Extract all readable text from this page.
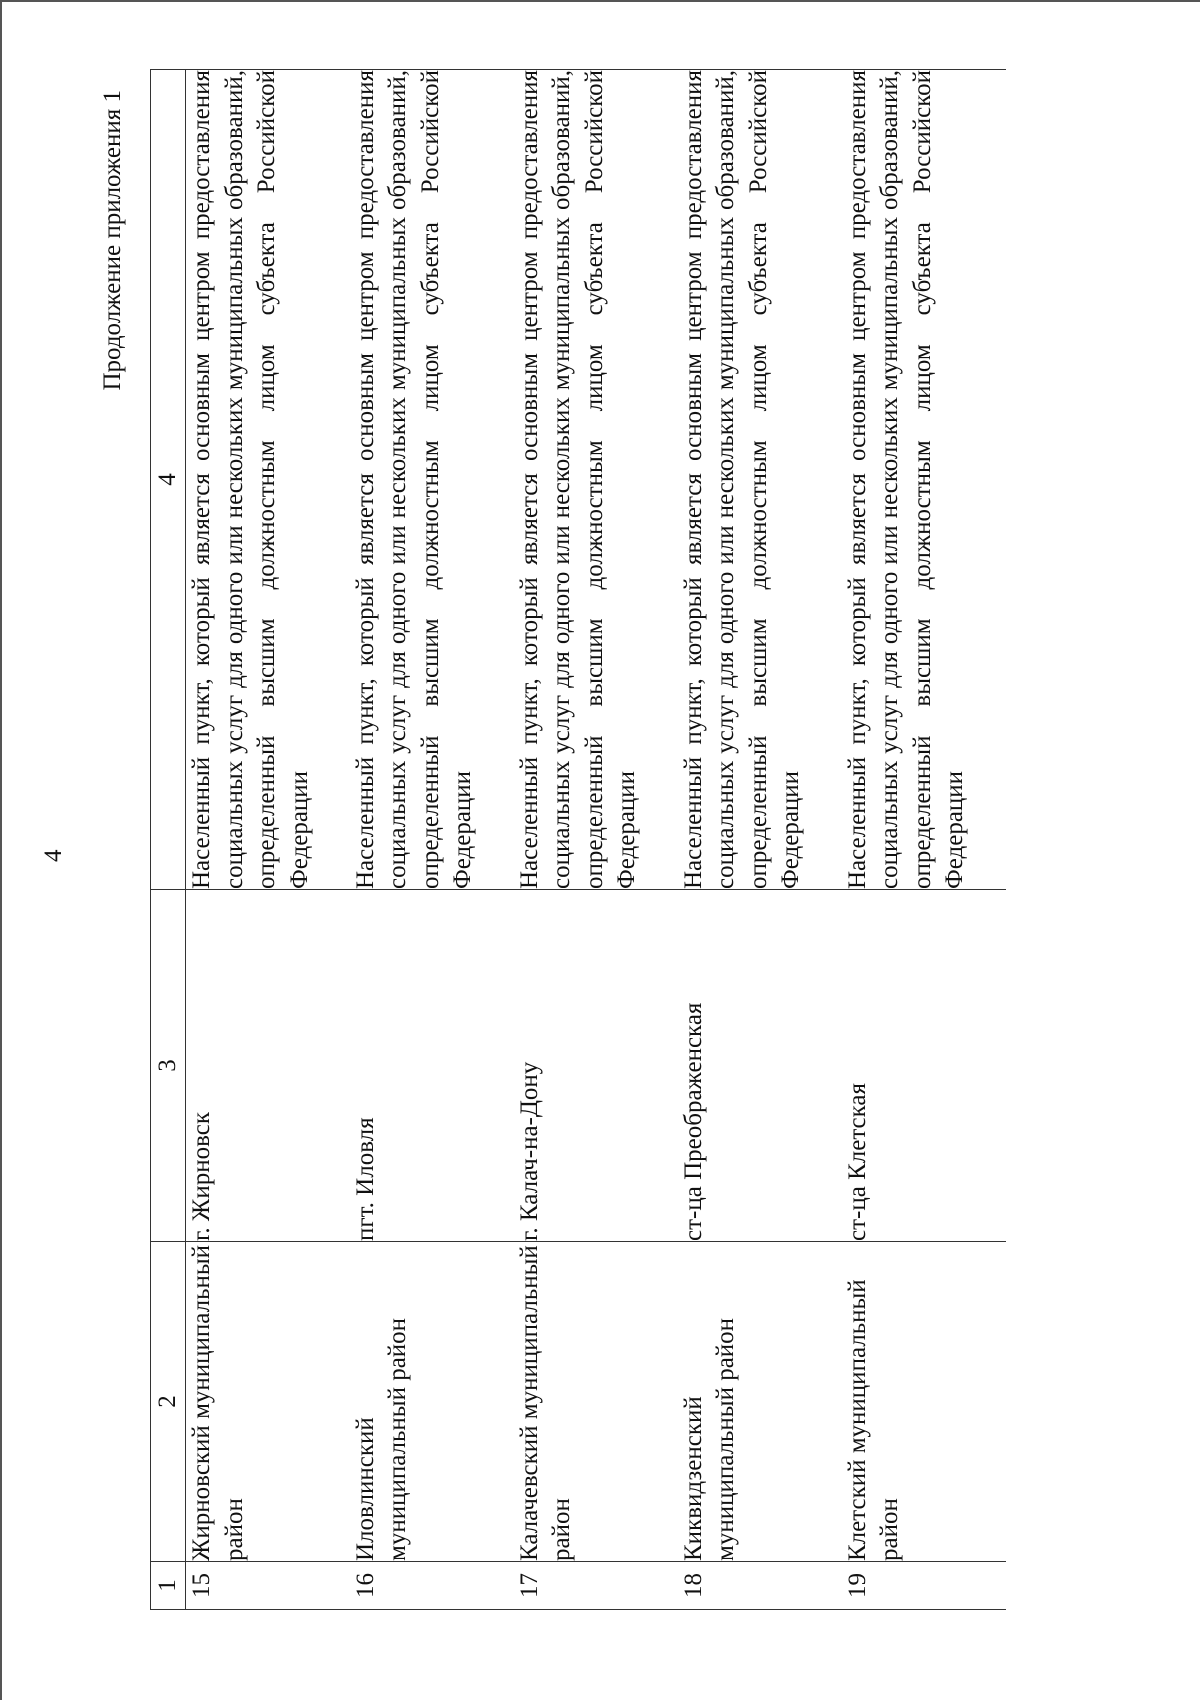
4
Продолжение приложения 1
1	2	3	4
15	Жирновский муниципальный район	г. Жирновск	Населенный пункт, который является основным центром предоставления социальных услуг для одного или нескольких муниципальных образований, определенный высшим должностным лицом субъекта Российской Федерации

16	Иловлинский муниципальный район	пгт. Иловля	Населенный пункт, который является основным центром предоставления социальных услуг для одного или нескольких муниципальных образований, определенный высшим должностным лицом субъекта Российской Федерации

17	Калачевский муниципальный район	г. Калач-на-Дону	Населенный пункт, который является основным центром предоставления социальных услуг для одного или нескольких муниципальных образований, определенный высшим должностным лицом субъекта Российской Федерации

18	Киквидзенский муниципальный район	ст-ца Преображенская	Населенный пункт, который является основным центром предоставления социальных услуг для одного или нескольких муниципальных образований, определенный высшим должностным лицом субъекта Российской Федерации

19	Клетский муниципальный район	ст-ца Клетская	Населенный пункт, который является основным центром предоставления социальных услуг для одного или нескольких муниципальных образований, определенный высшим должностным лицом субъекта Российской Федерации
